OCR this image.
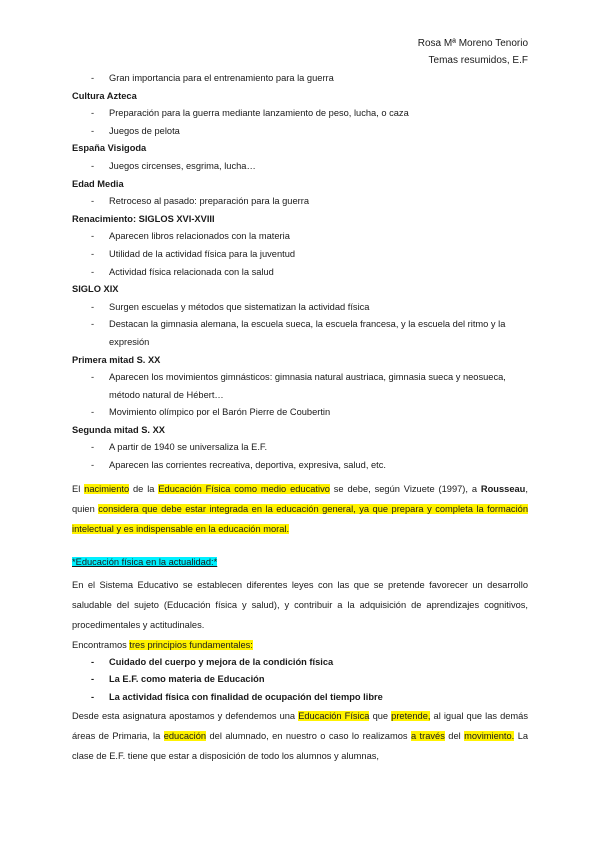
Rosa Mª Moreno Tenorio
Temas resumidos, E.F
- Gran importancia para el entrenamiento para la guerra
Cultura Azteca
- Preparación para la guerra mediante lanzamiento de peso, lucha, o caza
- Juegos de pelota
España Visigoda
- Juegos circenses, esgrima, lucha…
Edad Media
- Retroceso al pasado: preparación para la guerra
Renacimiento: SIGLOS XVI-XVIII
- Aparecen libros relacionados con la materia
- Utilidad de la actividad física para la juventud
- Actividad física relacionada con la salud
SIGLO XIX
- Surgen escuelas y métodos que sistematizan la actividad física
- Destacan la gimnasia alemana, la escuela sueca, la escuela francesa, y la escuela del ritmo y la expresión
Primera mitad S. XX
- Aparecen los movimientos gimnásticos: gimnasia natural austriaca, gimnasia sueca y neosueca, método natural de Hébert…
- Movimiento olímpico por el Barón Pierre de Coubertin
Segunda mitad S. XX
- A partir de 1940 se universaliza la E.F.
- Aparecen las corrientes recreativa, deportiva, expresiva, salud, etc.

El nacimiento de la Educación Física como medio educativo se debe, según Vizuete (1997), a Rousseau, quien considera que debe estar integrada en la educación general, ya que prepara y completa la formación intelectual y es indispensable en la educación moral.

*Educación física en la actualidad:*

En el Sistema Educativo se establecen diferentes leyes con las que se pretende favorecer un desarrollo saludable del sujeto (Educación física y salud), y contribuir a la adquisición de aprendizajes cognitivos, procedimentales y actitudinales.

Encontramos tres principios fundamentales:
- Cuidado del cuerpo y mejora de la condición física
- La E.F. como materia de Educación
- La actividad física con finalidad de ocupación del tiempo libre

Desde esta asignatura apostamos y defendemos una Educación Física que pretende, al igual que las demás áreas de Primaria, la educación del alumnado, en nuestro o caso lo realizamos a través del movimiento. La clase de E.F. tiene que estar a disposición de todo los alumnos y alumnas,
